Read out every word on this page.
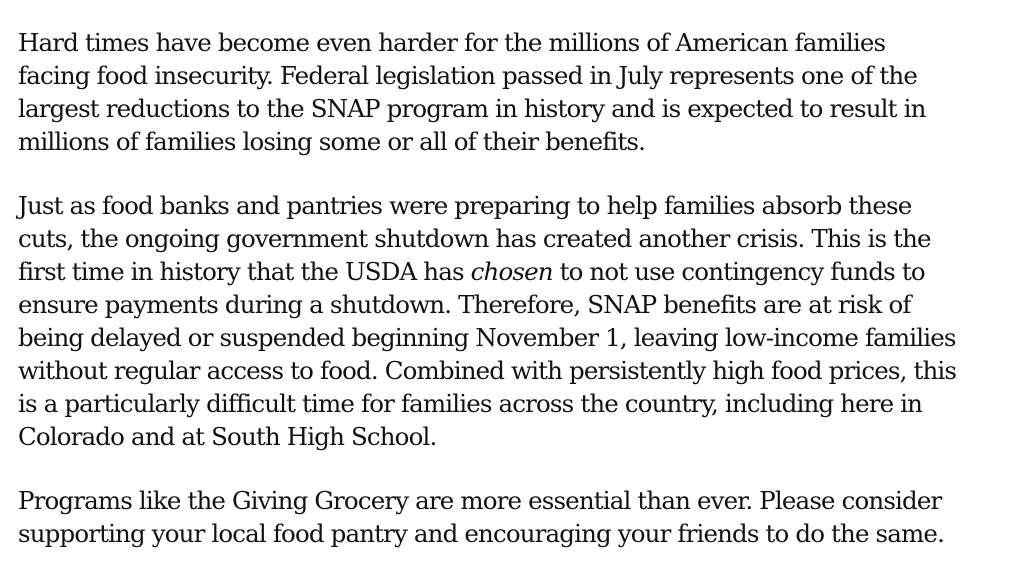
Hard times have become even harder for the millions of American families
facing food insecurity. Federal legislation passed in July represents one of the
largest reductions to the SNAP program in history and is expected to result in
millions of families losing some or all of their benefits.

Just as food banks and pantries were preparing to help families absorb these
cuts, the ongoing government shutdown has created another crisis. This is the
first time in history that the USDA has chosen to not use contingency funds to
ensure payments during a shutdown. Therefore, SNAP benefits are at risk of
being delayed or suspended beginning November 1, leaving low-income families
without regular access to food. Combined with persistently high food prices, this
is a particularly difficult time for families across the country, including here in
Colorado and at South High School.

Programs like the Giving Grocery are more essential than ever. Please consider
supporting your local food pantry and encouraging your friends to do the same.
